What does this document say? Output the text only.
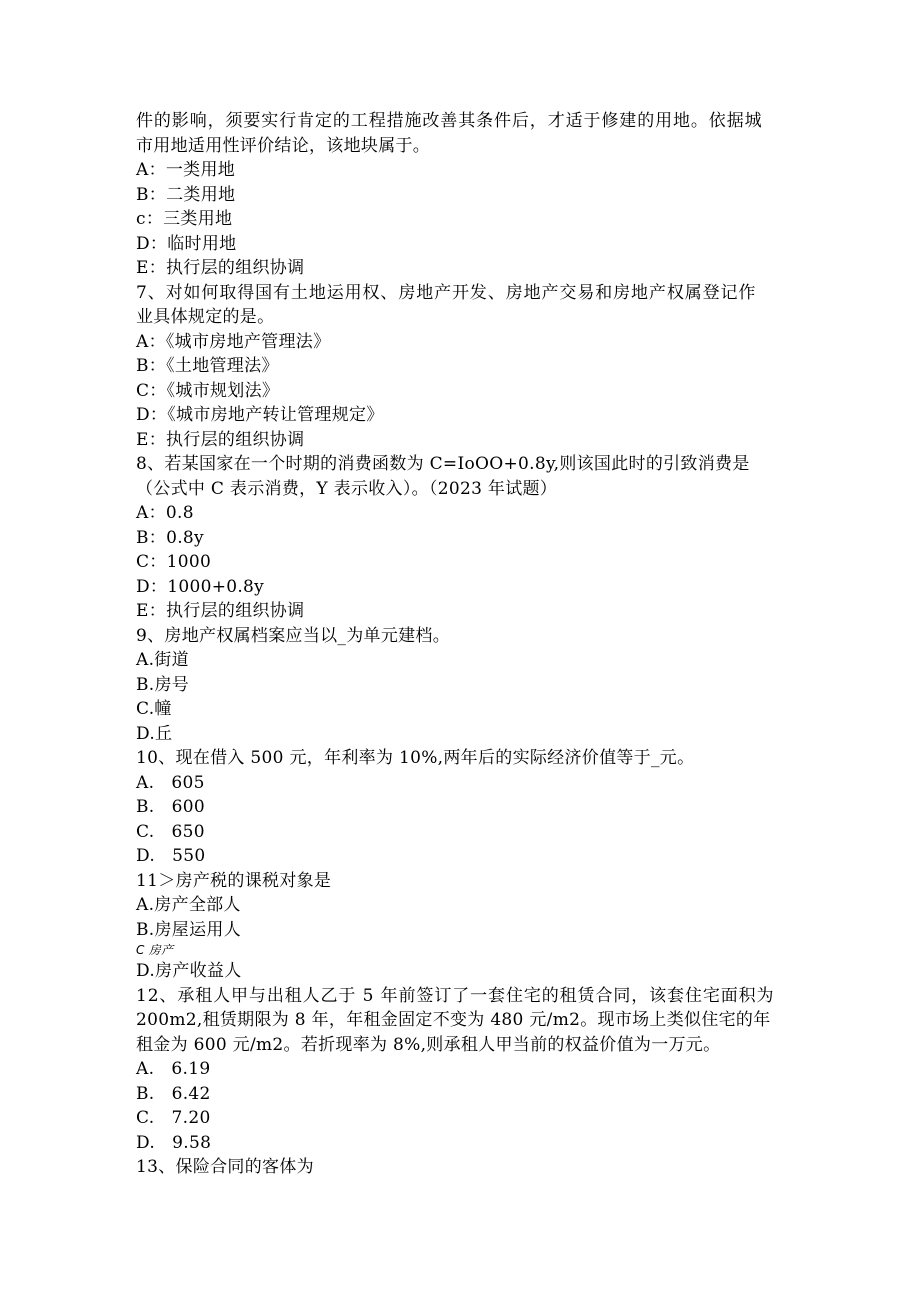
件的影响，须要实行肯定的工程措施改善其条件后，才适于修建的用地。依据城
市用地适用性评价结论，该地块属于。
A：一类用地
B：二类用地
c：三类用地
D：临时用地
E：执行层的组织协调
7、对如何取得国有土地运用权、房地产开发、房地产交易和房地产权属登记作
业具体规定的是。
A：《城市房地产管理法》
B：《土地管理法》
C：《城市规划法》
D：《城市房地产转让管理规定》
E：执行层的组织协调
8、若某国家在一个时期的消费函数为 C=IoOO+0.8y,则该国此时的引致消费是
（公式中 C 表示消费，Y 表示收入）。（2023 年试题）
A：0.8
B：0.8y
C：1000
D：1000+0.8y
E：执行层的组织协调
9、房地产权属档案应当以_为单元建档。
A.街道
B.房号
C.幢
D.丘
10、现在借入 500 元，年利率为 10%,两年后的实际经济价值等于_元。
A.   605
B.   600
C.   650
D.   550
11＞房产税的课税对象是
A.房产全部人
B.房屋运用人
C 房产
D.房产收益人
12、承租人甲与出租人乙于 5 年前签订了一套住宅的租赁合同，该套住宅面积为
200m2,租赁期限为 8 年，年租金固定不变为 480 元/m2。现市场上类似住宅的年
租金为 600 元/m2。若折现率为 8%,则承租人甲当前的权益价值为一万元。
A.   6.19
B.   6.42
C.   7.20
D.   9.58
13、保险合同的客体为
